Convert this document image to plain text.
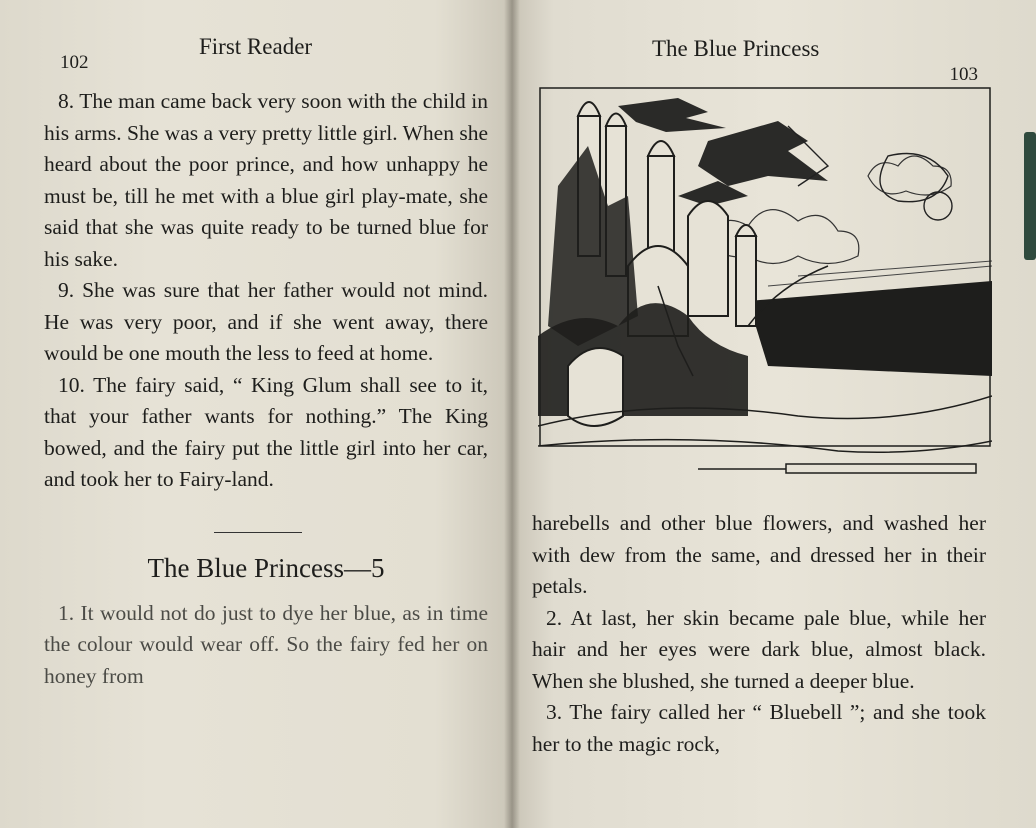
102
First Reader

8. The man came back very soon with the child in his arms. She was a very pretty little girl. When she heard about the poor prince, and how unhappy he must be, till he met with a blue girl play-mate, she said that she was quite ready to be turned blue for his sake.

9. She was sure that her father would not mind. He was very poor, and if she went away, there would be one mouth the less to feed at home.

10. The fairy said, “ King Glum shall see to it, that your father wants for nothing.” The King bowed, and the fairy put the little girl into her car, and took her to Fairy-land.

The Blue Princess—5

1. It would not do just to dye her blue, as in time the colour would wear off. So the fairy fed her on honey from

The Blue Princess
103

harebells and other blue flowers, and washed her with dew from the same, and dressed her in their petals.

2. At last, her skin became pale blue, while her hair and her eyes were dark blue, almost black. When she blushed, she turned a deeper blue.

3. The fairy called her “ Bluebell ”; and she took her to the magic rock,
